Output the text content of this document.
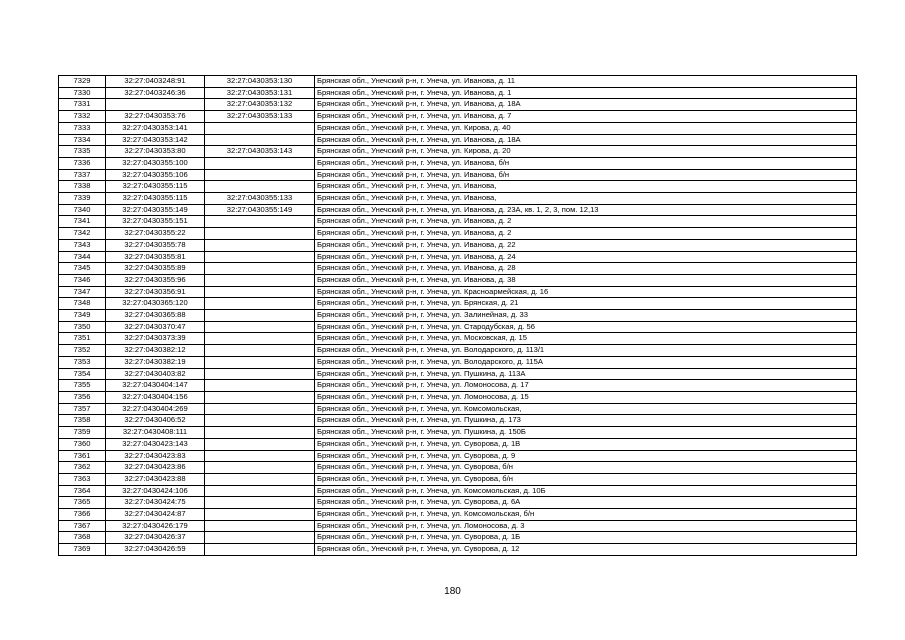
7329	32:27:0403248:91	32:27:0430353:130	Брянская обл., Унечский р-н, г. Унеча, ул. Иванова, д. 11
7330	32:27:0403246:36	32:27:0430353:131	Брянская обл., Унечский р-н, г. Унеча, ул. Иванова, д. 1
7331		32:27:0430353:132	Брянская обл., Унечский р-н, г. Унеча, ул. Иванова, д. 18А
7332	32:27:0430353:76	32:27:0430353:133	Брянская обл., Унечский р-н, г. Унеча, ул. Иванова, д. 7
7333	32:27:0430353:141		Брянская обл., Унечский р-н, г. Унеча, ул. Кирова, д. 40
7334	32:27:0430353:142		Брянская обл., Унечский р-н, г. Унеча, ул. Иванова, д. 18А
7335	32:27:0430353:80	32:27:0430353:143	Брянская обл., Унечский р-н, г. Унеча, ул. Кирова, д. 20
7336	32:27:0430355:100		Брянская обл., Унечский р-н, г. Унеча, ул. Иванова, б/н
7337	32:27:0430355:106		Брянская обл., Унечский р-н, г. Унеча, ул. Иванова, б/н
7338	32:27:0430355:115		Брянская обл., Унечский р-н, г. Унеча, ул. Иванова,
7339	32:27:0430355:115	32:27:0430355:133	Брянская обл., Унечский р-н, г. Унеча, ул. Иванова,
7340	32:27:0430355:149	32:27:0430355:149	Брянская обл., Унечский р-н, г. Унеча, ул. Иванова, д. 23А, кв. 1, 2, 3, пом. 12,13
7341	32:27:0430355:151		Брянская обл., Унечский р-н, г. Унеча, ул. Иванова, д. 2
7342	32:27:0430355:22		Брянская обл., Унечский р-н, г. Унеча, ул. Иванова, д. 2
7343	32:27:0430355:78		Брянская обл., Унечский р-н, г. Унеча, ул. Иванова, д. 22
7344	32:27:0430355:81		Брянская обл., Унечский р-н, г. Унеча, ул. Иванова, д. 24
7345	32:27:0430355:89		Брянская обл., Унечский р-н, г. Унеча, ул. Иванова, д. 28
7346	32:27:0430355:96		Брянская обл., Унечский р-н, г. Унеча, ул. Иванова, д. 38
7347	32:27:0430356:91		Брянская обл., Унечский р-н, г. Унеча, ул. Красноармейская, д. 16
7348	32:27:0430365:120		Брянская обл., Унечский р-н, г. Унеча, ул. Брянская, д. 21
7349	32:27:0430365:88		Брянская обл., Унечский р-н, г. Унеча, ул. Залинейная, д. 33
7350	32:27:0430370:47		Брянская обл., Унечский р-н, г. Унеча, ул. Стародубская, д. 56
7351	32:27:0430373:39		Брянская обл., Унечский р-н, г. Унеча, ул. Московская, д. 15
7352	32:27:0430382:12		Брянская обл., Унечский р-н, г. Унеча, ул. Володарского, д. 113/1
7353	32:27:0430382:19		Брянская обл., Унечский р-н, г. Унеча, ул. Володарского, д. 115А
7354	32:27:0430403:82		Брянская обл., Унечский р-н, г. Унеча, ул. Пушкина, д. 113А
7355	32:27:0430404:147		Брянская обл., Унечский р-н, г. Унеча, ул. Ломоносова, д. 17
7356	32:27:0430404:156		Брянская обл., Унечский р-н, г. Унеча, ул. Ломоносова, д. 15
7357	32:27:0430404:269		Брянская обл., Унечский р-н, г. Унеча, ул. Комсомольская,
7358	32:27:0430406:52		Брянская обл., Унечский р-н, г. Унеча, ул. Пушкина, д. 173
7359	32:27:0430408:111		Брянская обл., Унечский р-н, г. Унеча, ул. Пушкина, д. 150Б
7360	32:27:0430423:143		Брянская обл., Унечский р-н, г. Унеча, ул. Суворова, д. 1В
7361	32:27:0430423:83		Брянская обл., Унечский р-н, г. Унеча, ул. Суворова, д. 9
7362	32:27:0430423:86		Брянская обл., Унечский р-н, г. Унеча, ул. Суворова, б/н
7363	32:27:0430423:88		Брянская обл., Унечский р-н, г. Унеча, ул. Суворова, б/н
7364	32:27:0430424:106		Брянская обл., Унечский р-н, г. Унеча, ул. Комсомольская, д. 10Б
7365	32:27:0430424:75		Брянская обл., Унечский р-н, г. Унеча, ул. Суворова, д. 6А
7366	32:27:0430424:87		Брянская обл., Унечский р-н, г. Унеча, ул. Комсомольская, б/н
7367	32:27:0430426:179		Брянская обл., Унечский р-н, г. Унеча, ул. Ломоносова, д. 3
7368	32:27:0430426:37		Брянская обл., Унечский р-н, г. Унеча, ул. Суворова, д. 1Б
7369	32:27:0430426:59		Брянская обл., Унечский р-н, г. Унеча, ул. Суворова, д. 12
180
